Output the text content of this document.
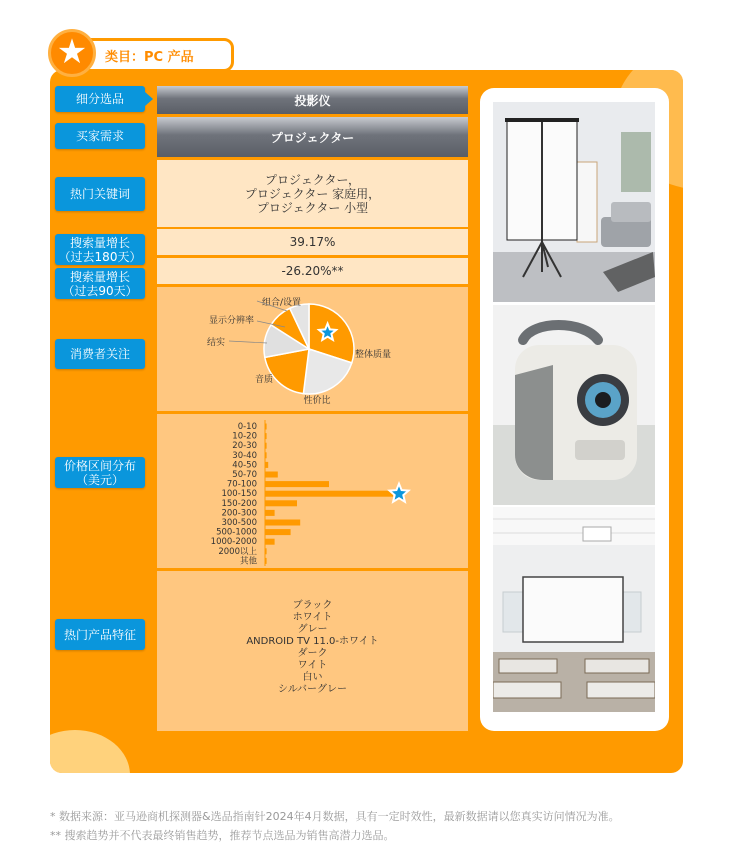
类目：PC 产品
★
细分选品
买家需求
热门关键词
搜索量增长
（过去180天）
搜索量增长
（过去90天）
消费者关注
价格区间分布
（美元）
热门产品特征
投影仪
プロジェクター
プロジェクター，
プロジェクター 家庭用，
プロジェクター 小型
39.17%
-26.20%**
整体质量
性价比
音质
结实
显示分辨率
组合/设置
0-10
10-20
20-30
30-40
40-50
50-70
70-100
100-150
150-200
200-300
300-500
500-1000
1000-2000
2000以上
其他
ブラック
ホワイト
グレー
ANDROID TV 11.0-ホワイト
ダーク
ワイト
白い
シルバーグレー
* 数据来源：亚马逊商机探测器&选品指南针2024年4月数据，具有一定时效性，最新数据请以您真实访问情况为准。
** 搜索趋势并不代表最终销售趋势，推荐节点选品为销售高潜力选品。
